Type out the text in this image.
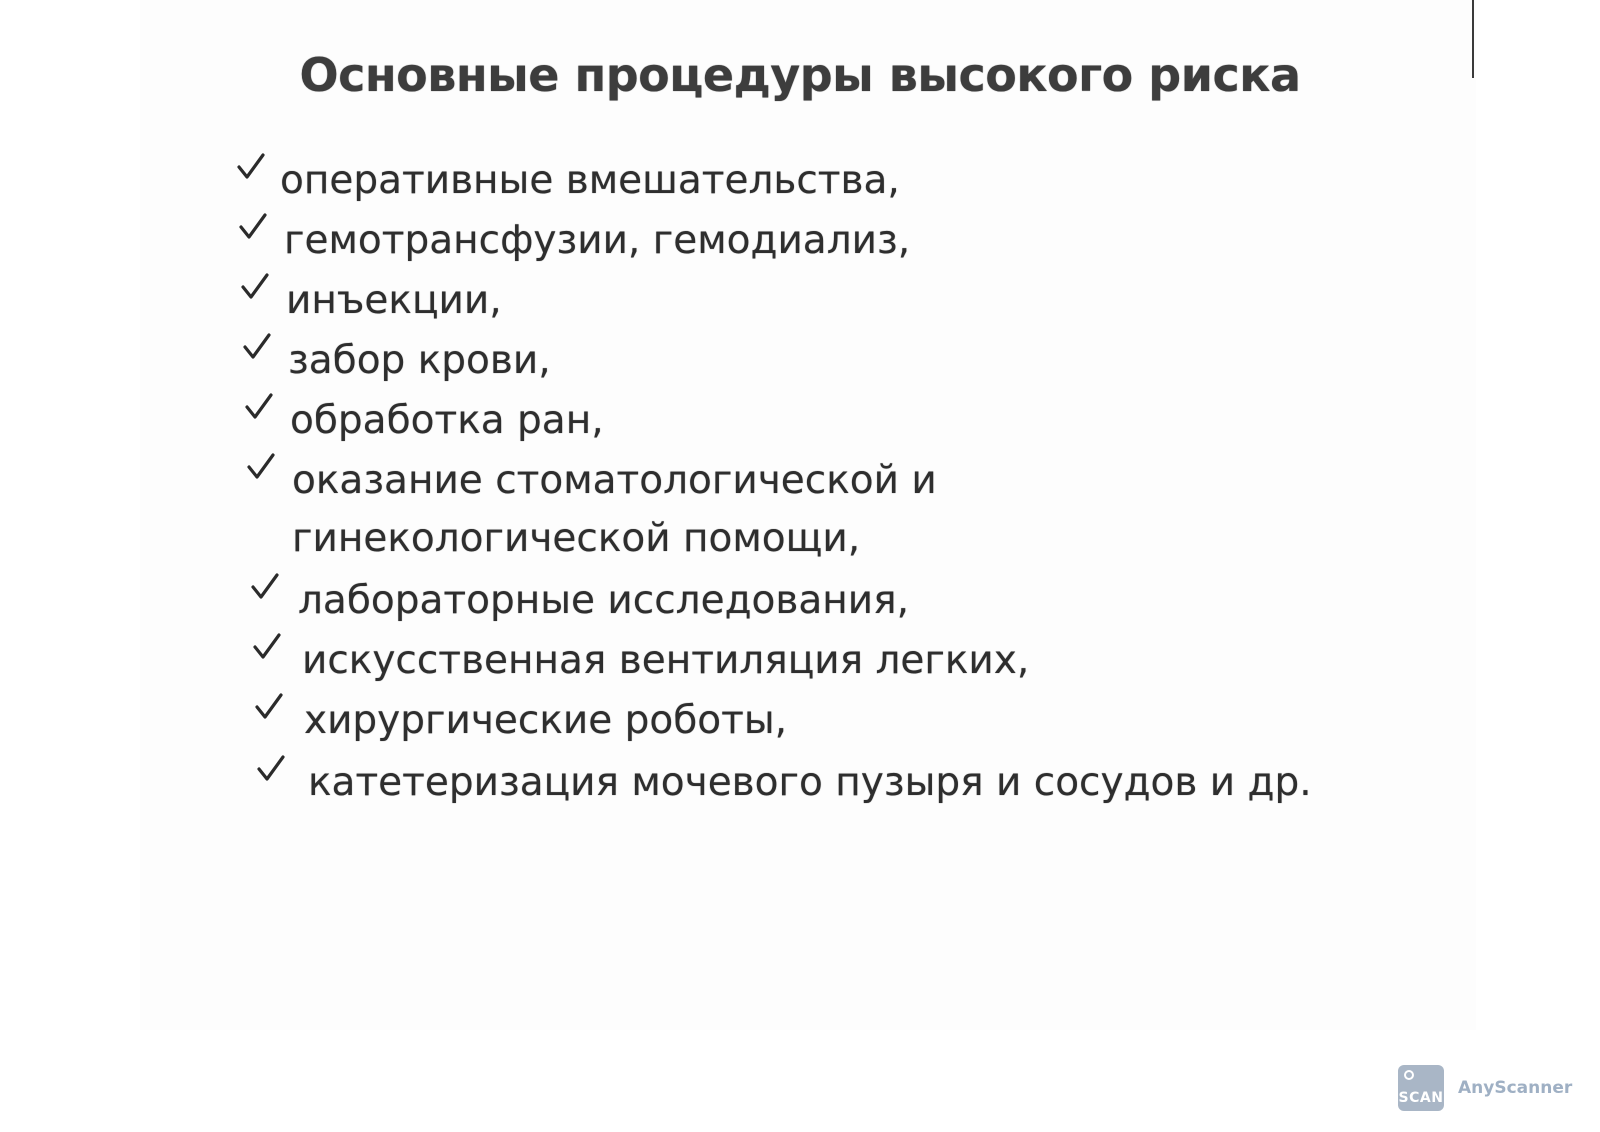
Основные процедуры высокого риска
оперативные вмешательства,
гемотрансфузии, гемодиализ,
инъекции,
забор крови,
обработка ран,
оказание стоматологической и гинекологической помощи,
лабораторные исследования,
искусственная вентиляция легких,
хирургические роботы,
катетеризация мочевого пузыря и сосудов и др.
SCAN AnyScanner
